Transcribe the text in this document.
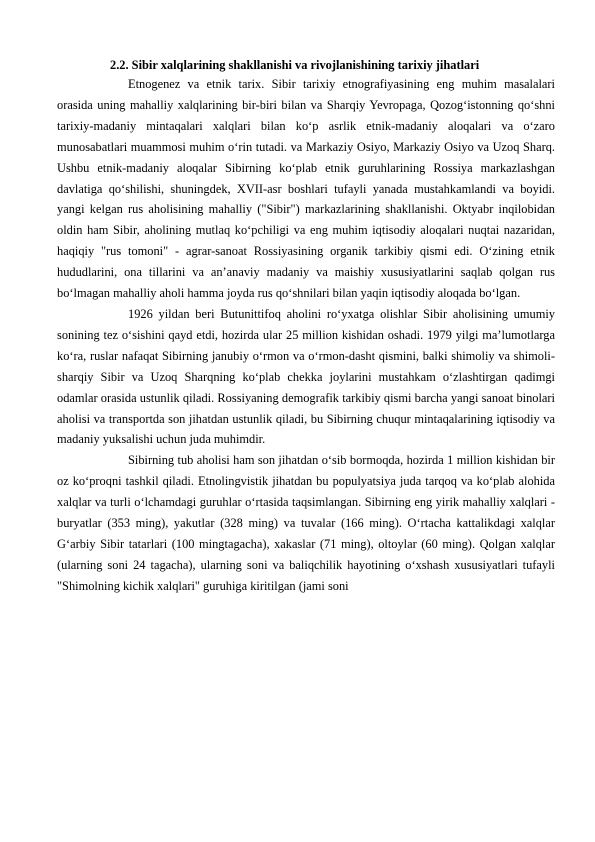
2.2. Sibir xalqlarining shakllanishi va rivojlanishining tarixiy jihatlari

Etnogenez va etnik tarix. Sibir tarixiy etnografiyasining eng muhim masalalari orasida uning mahalliy xalqlarining bir-biri bilan va Sharqiy Yevropaga, Qozogʻistonning qoʻshni tarixiy-madaniy mintaqalari xalqlari bilan koʻp asrlik etnik-madaniy aloqalari va oʻzaro munosabatlari muammosi muhim oʻrin tutadi. va Markaziy Osiyo, Markaziy Osiyo va Uzoq Sharq. Ushbu etnik-madaniy aloqalar Sibirning koʻplab etnik guruhlarining Rossiya markazlashgan davlatiga qoʻshilishi, shuningdek, XVII-asr boshlari tufayli yanada mustahkamlandi va boyidi. yangi kelgan rus aholisining mahalliy ("Sibir") markazlarining shakllanishi. Oktyabr inqilobidan oldin ham Sibir, aholining mutlaq koʻpchiligi va eng muhim iqtisodiy aloqalari nuqtai nazaridan, haqiqiy "rus tomoni" - agrar-sanoat Rossiyasining organik tarkibiy qismi edi. Oʻzining etnik hududlarini, ona tillarini va an’anaviy madaniy va maishiy xususiyatlarini saqlab qolgan rus boʻlmagan mahalliy aholi hamma joyda rus qoʻshnilari bilan yaqin iqtisodiy aloqada boʻlgan.

1926 yildan beri Butunittifoq aholini roʻyxatga olishlar Sibir aholisining umumiy sonining tez oʻsishini qayd etdi, hozirda ular 25 million kishidan oshadi. 1979 yilgi ma’lumotlarga koʻra, ruslar nafaqat Sibirning janubiy oʻrmon va oʻrmon-dasht qismini, balki shimoliy va shimoli-sharqiy Sibir va Uzoq Sharqning koʻplab chekka joylarini mustahkam oʻzlashtirgan qadimgi odamlar orasida ustunlik qiladi. Rossiyaning demografik tarkibiy qismi barcha yangi sanoat binolari aholisi va transportda son jihatdan ustunlik qiladi, bu Sibirning chuqur mintaqalarining iqtisodiy va madaniy yuksalishi uchun juda muhimdir.

Sibirning tub aholisi ham son jihatdan oʻsib bormoqda, hozirda 1 million kishidan bir oz koʻproqni tashkil qiladi. Etnolingvistik jihatdan bu populyatsiya juda tarqoq va koʻplab alohida xalqlar va turli oʻlchamdagi guruhlar oʻrtasida taqsimlangan. Sibirning eng yirik mahalliy xalqlari - buryatlar (353 ming), yakutlar (328 ming) va tuvalar (166 ming). Oʻrtacha kattalikdagi xalqlar Gʻarbiy Sibir tatarlari (100 mingtagacha), xakaslar (71 ming), oltoylar (60 ming). Qolgan xalqlar (ularning soni 24 tagacha), ularning soni va baliqchilik hayotining oʻxshash xususiyatlari tufayli "Shimolning kichik xalqlari" guruhiga kiritilgan (jami soni
